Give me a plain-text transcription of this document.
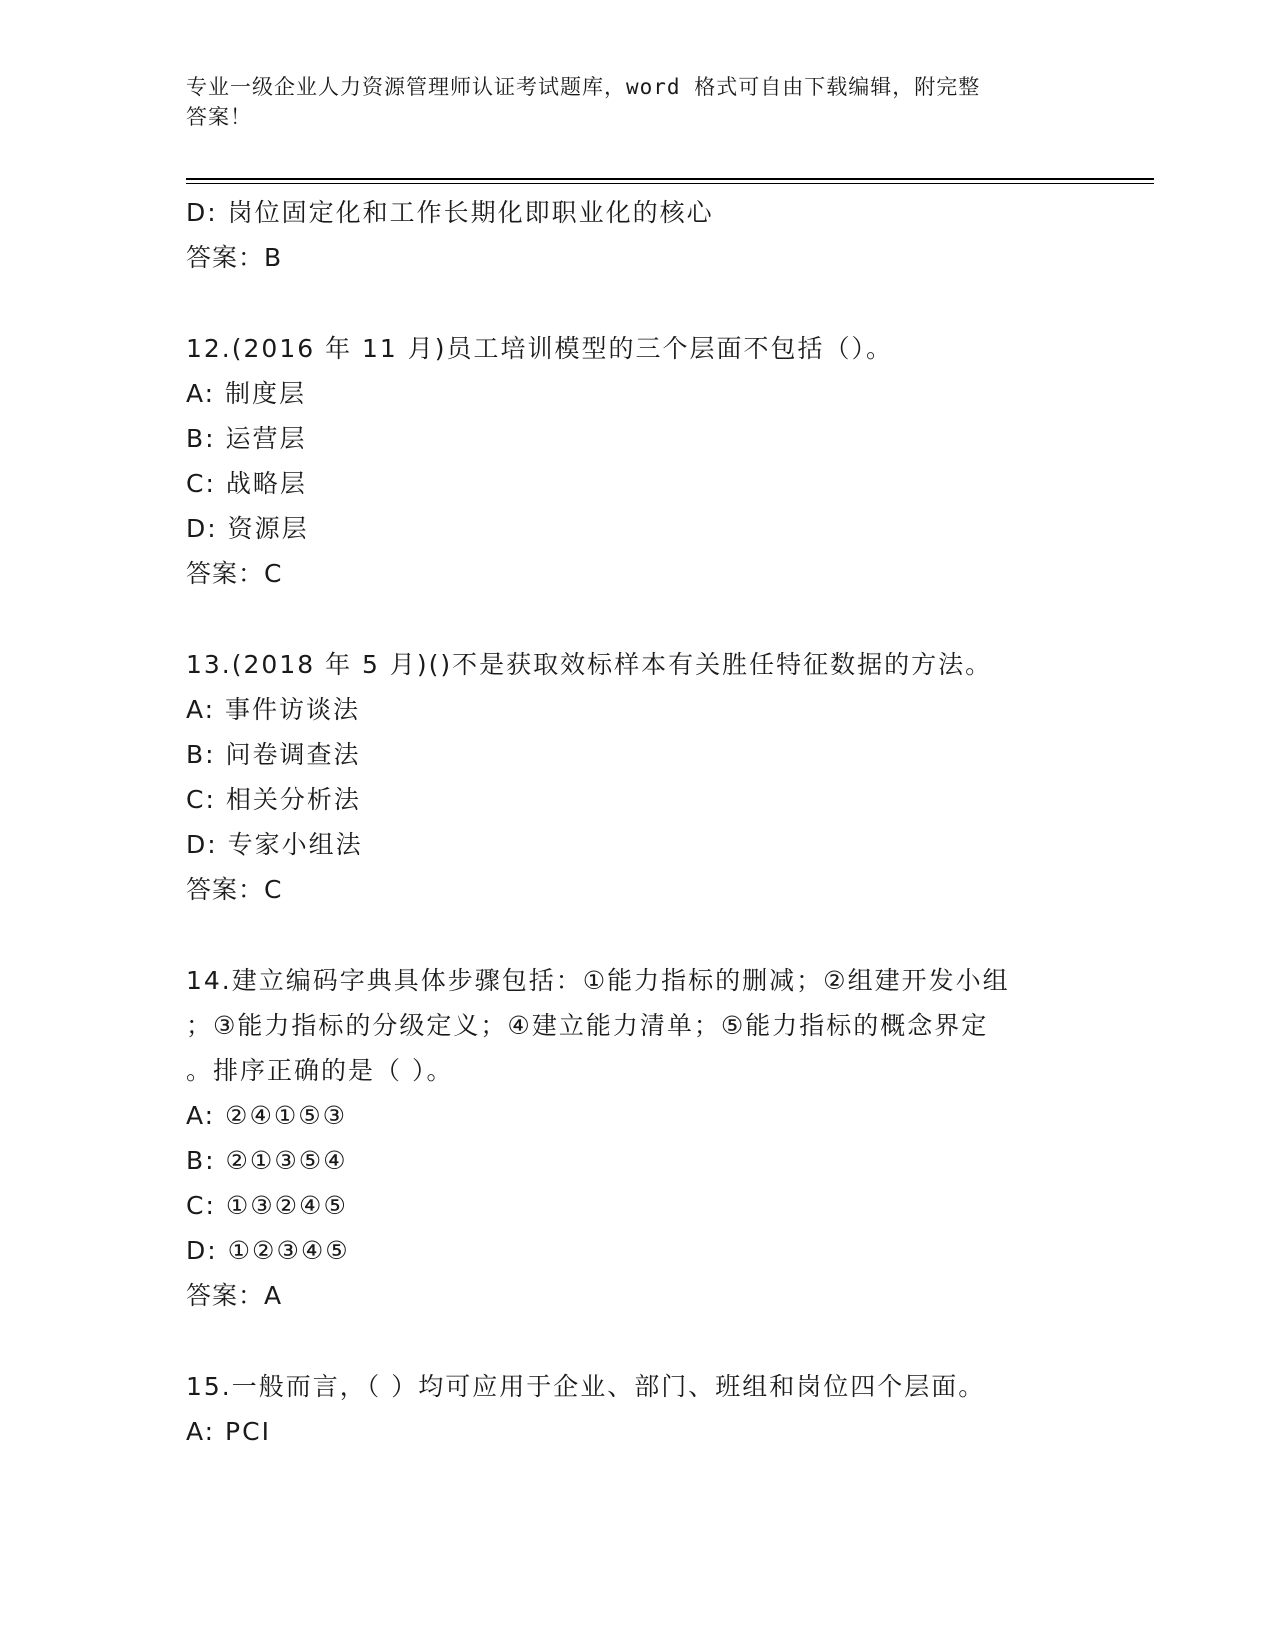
专业一级企业人力资源管理师认证考试题库，word 格式可自由下载编辑，附完整
答案！
D: 岗位固定化和工作长期化即职业化的核心
答案：B
12.(2016 年 11 月)员工培训模型的三个层面不包括（）。
A: 制度层
B: 运营层
C: 战略层
D: 资源层
答案：C
13.(2018 年 5 月)()不是获取效标样本有关胜任特征数据的方法。
A: 事件访谈法
B: 问卷调查法
C: 相关分析法
D: 专家小组法
答案：C
14.建立编码字典具体步骤包括：①能力指标的删减；②组建开发小组
；③能力指标的分级定义；④建立能力清单；⑤能力指标的概念界定
。排序正确的是（ ）。
A: ②④①⑤③
B: ②①③⑤④
C: ①③②④⑤
D: ①②③④⑤
答案：A
15.一般而言，（ ）均可应用于企业、部门、班组和岗位四个层面。
A: PCI
